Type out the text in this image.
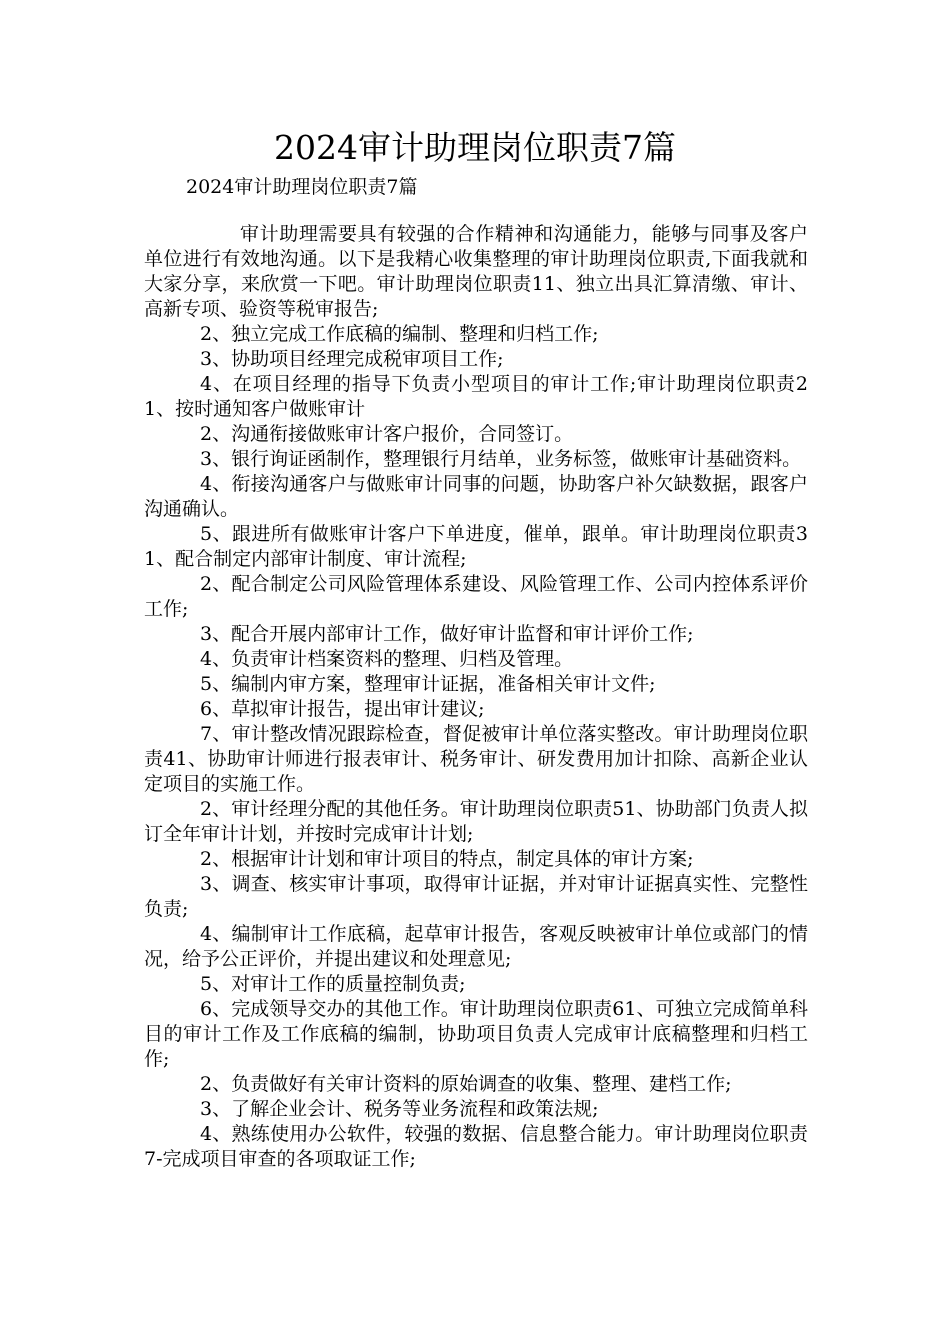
2024审计助理岗位职责7篇
2024审计助理岗位职责7篇

审计助理需要具有较强的合作精神和沟通能力，能够与同事及客户单位进行有效地沟通。以下是我精心收集整理的审计助理岗位职责,下面我就和大家分享，来欣赏一下吧。审计助理岗位职责11、独立出具汇算清缴、审计、高新专项、验资等税审报告;

2、独立完成工作底稿的编制、整理和归档工作;

3、协助项目经理完成税审项目工作;

4、在项目经理的指导下负责小型项目的审计工作;审计助理岗位职责21、按时通知客户做账审计

2、沟通衔接做账审计客户报价，合同签订。

3、银行询证函制作，整理银行月结单，业务标签，做账审计基础资料。

4、衔接沟通客户与做账审计同事的问题，协助客户补欠缺数据，跟客户沟通确认。

5、跟进所有做账审计客户下单进度，催单，跟单。审计助理岗位职责31、配合制定内部审计制度、审计流程;

2、配合制定公司风险管理体系建设、风险管理工作、公司内控体系评价工作;

3、配合开展内部审计工作，做好审计监督和审计评价工作;

4、负责审计档案资料的整理、归档及管理。

5、编制内审方案，整理审计证据，准备相关审计文件;

6、草拟审计报告，提出审计建议;

7、审计整改情况跟踪检查，督促被审计单位落实整改。审计助理岗位职责41、协助审计师进行报表审计、税务审计、研发费用加计扣除、高新企业认定项目的实施工作。

2、审计经理分配的其他任务。审计助理岗位职责51、协助部门负责人拟订全年审计计划，并按时完成审计计划;

2、根据审计计划和审计项目的特点，制定具体的审计方案;

3、调查、核实审计事项，取得审计证据，并对审计证据真实性、完整性负责;

4、编制审计工作底稿，起草审计报告，客观反映被审计单位或部门的情况，给予公正评价，并提出建议和处理意见;

5、对审计工作的质量控制负责;

6、完成领导交办的其他工作。审计助理岗位职责61、可独立完成简单科目的审计工作及工作底稿的编制，协助项目负责人完成审计底稿整理和归档工作;

2、负责做好有关审计资料的原始调查的收集、整理、建档工作;

3、了解企业会计、税务等业务流程和政策法规;

4、熟练使用办公软件，较强的数据、信息整合能力。审计助理岗位职责7-完成项目审查的各项取证工作;
